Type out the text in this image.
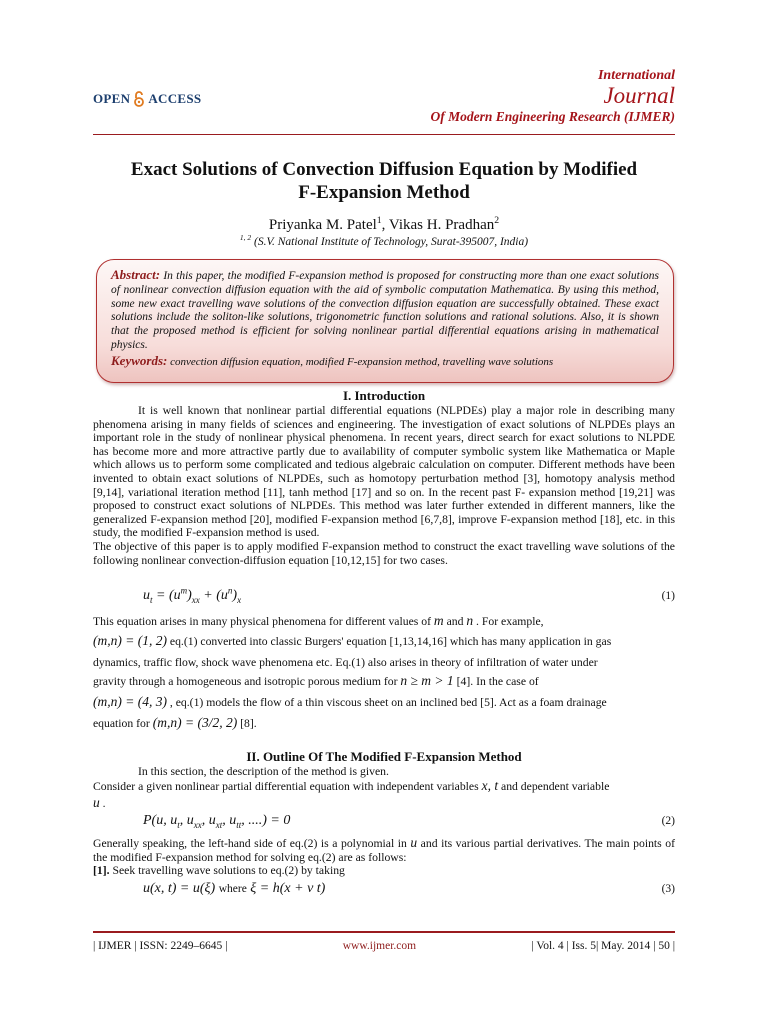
OPEN ACCESS
International
Journal
Of Modern Engineering Research (IJMER)
Exact Solutions of Convection Diffusion Equation by Modified
F-Expansion Method
Priyanka M. Patel$^1$, Vikas H. Pradhan$^2$
$^{1, 2}$ (S.V. National Institute of Technology, Surat-395007, India)
Abstract: In this paper, the modified F-expansion method is proposed for constructing more than one exact solutions of nonlinear convection diffusion equation with the aid of symbolic computation Mathematica. By using this method, some new exact travelling wave solutions of the convection diffusion equation are successfully obtained. These exact solutions include the soliton-like solutions, trigonometric function solutions and rational solutions. Also, it is shown that the proposed method is efficient for solving nonlinear partial differential equations arising in mathematical physics.
Keywords: convection diffusion equation, modified F-expansion method, travelling wave solutions
I. Introduction

It is well known that nonlinear partial differential equations (NLPDEs) play a major role in describing many phenomena arising in many fields of sciences and engineering. The investigation of exact solutions of NLPDEs plays an important role in the study of nonlinear physical phenomena. In recent years, direct search for exact solutions to NLPDE has become more and more attractive partly due to availability of computer symbolic system like Mathematica or Maple which allows us to perform some complicated and tedious algebraic calculation on computer. Different methods have been invented to obtain exact solutions of NLPDEs, such as homotopy perturbation method [3], homotopy analysis method [9,14], variational iteration method [11], tanh method [17] and so on. In the recent past F- expansion method [19,21] was proposed to construct exact solutions of NLPDEs. This method was later further extended in different manners, like the generalized F-expansion method [20], modified F-expansion method [6,7,8], improve F-expansion method [18], etc. in this study, the modified F-expansion method is used.

The objective of this paper is to apply modified F-expansion method to construct the exact travelling wave solutions of the following nonlinear convection-diffusion equation [10,12,15] for two cases.

$u_t = (u^m)_{xx} + (u^n)_x$	(1)
This equation arises in many physical phenomena for different values of m and n . For example,
(m,n) = (1, 2) eq.(1) converted into classic Burgers' equation [1,13,14,16] which has many application in gas
dynamics, traffic flow, shock wave phenomena etc. Eq.(1) also arises in theory of infiltration of water under
gravity through a homogeneous and isotropic porous medium for n ≥ m > 1 [4]. In the case of
(m,n) = (4, 3) , eq.(1) models the flow of a thin viscous sheet on an inclined bed [5]. Act as a foam drainage
equation for (m,n) = (3/2, 2) [8].
II. Outline Of The Modified F-Expansion Method
In this section, the description of the method is given.
Consider a given nonlinear partial differential equation with independent variables x, t and dependent variable
u .
P(u, $u_t$, $u_{xx}$, $u_{xt}$, $u_{tt}$, ....) = 0	(2)

Generally speaking, the left-hand side of eq.(2) is a polynomial in u and its various partial derivatives. The main points of the modified F-expansion method for solving eq.(2) are as follows:

[1]. Seek travelling wave solutions to eq.(2) by taking

u(x, t) = u(ξ) where ξ = h(x + v t)	(3)
| IJMER | ISSN: 2249–6645 |	www.ijmer.com	| Vol. 4 | Iss. 5| May. 2014 | 50 |
